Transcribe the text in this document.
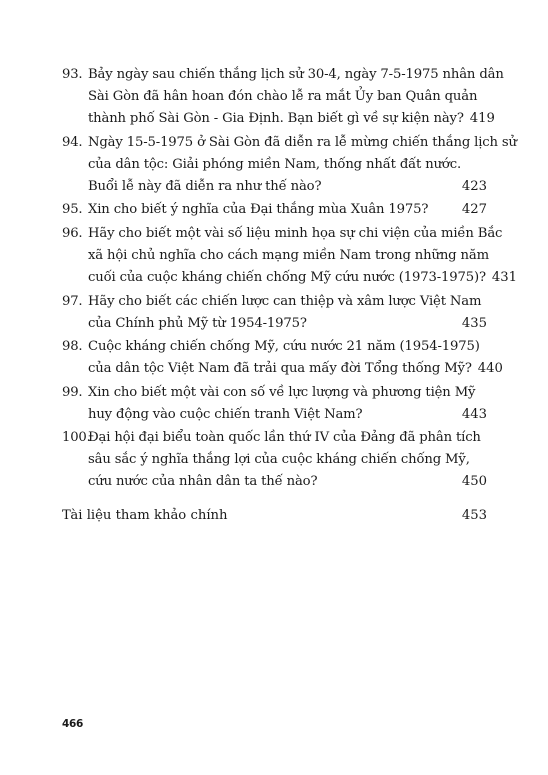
93. Bảy ngày sau chiến thắng lịch sử 30-4, ngày 7-5-1975 nhân dân
Sài Gòn đã hân hoan đón chào lễ ra mắt Ủy ban Quân quản
thành phố Sài Gòn - Gia Định. Bạn biết gì về sự kiện này? 419
94. Ngày 15-5-1975 ở Sài Gòn đã diễn ra lễ mừng chiến thắng lịch sử
của dân tộc: Giải phóng miền Nam, thống nhất đất nước.
Buổi lễ này đã diễn ra như thế nào?	423
95. Xin cho biết ý nghĩa của Đại thắng mùa Xuân 1975?	427
96. Hãy cho biết một vài số liệu minh họa sự chi viện của miền Bắc
xã hội chủ nghĩa cho cách mạng miền Nam trong những năm
cuối của cuộc kháng chiến chống Mỹ cứu nước (1973-1975)? 431
97. Hãy cho biết các chiến lược can thiệp và xâm lược Việt Nam
của Chính phủ Mỹ từ 1954-1975?	435
98. Cuộc kháng chiến chống Mỹ, cứu nước 21 năm (1954-1975)
của dân tộc Việt Nam đã trải qua mấy đời Tổng thống Mỹ? 440
99. Xin cho biết một vài con số về lực lượng và phương tiện Mỹ
huy động vào cuộc chiến tranh Việt Nam?	443
100.
Đại hội đại biểu toàn quốc lần thứ IV của Đảng đã phân tích
sâu sắc ý nghĩa thắng lợi của cuộc kháng chiến chống Mỹ,
cứu nước của nhân dân ta thế nào?	450
Tài liệu tham khảo chính	453
466
